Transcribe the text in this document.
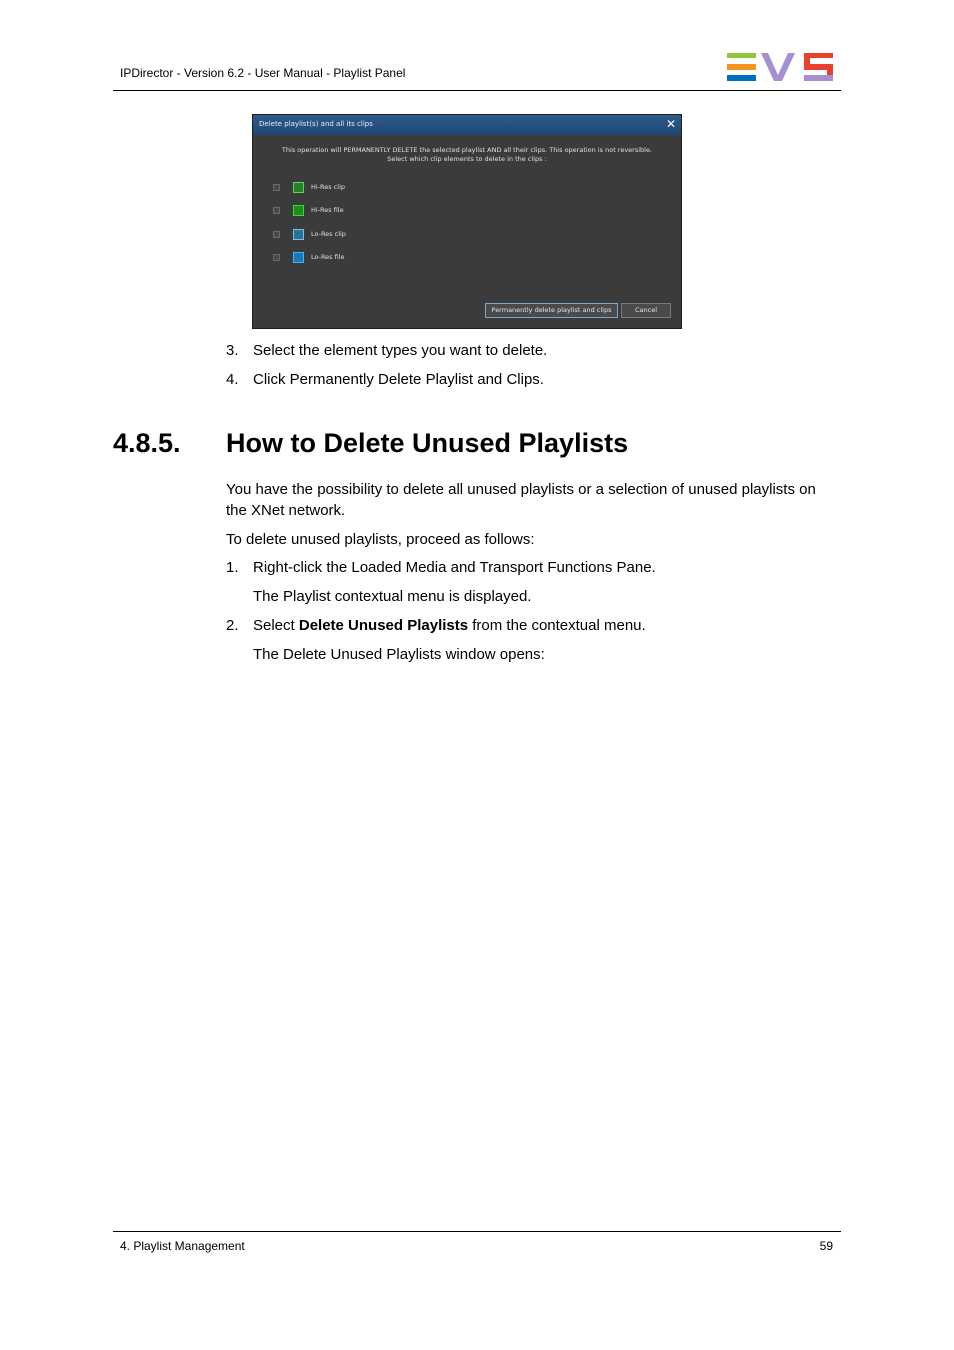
IPDirector - Version 6.2 - User Manual - Playlist Panel
Delete playlist(s) and all its clips	✕
This operation will PERMANENTLY DELETE the selected playlist AND all their clips. This operation is not reversible.
Select which clip elements to delete in the clips :
Hi-Res clip
Hi-Res file
Lo-Res clip
Lo-Res file
Permanently delete playlist and clips	Cancel
3. Select the element types you want to delete.
4. Click Permanently Delete Playlist and Clips.
4.8.5. How to Delete Unused Playlists
You have the possibility to delete all unused playlists or a selection of unused playlists on
the XNet network.
To delete unused playlists, proceed as follows:
1. Right-click the Loaded Media and Transport Functions Pane.
The Playlist contextual menu is displayed.
2. Select Delete Unused Playlists from the contextual menu.
The Delete Unused Playlists window opens:
4. Playlist Management	59
